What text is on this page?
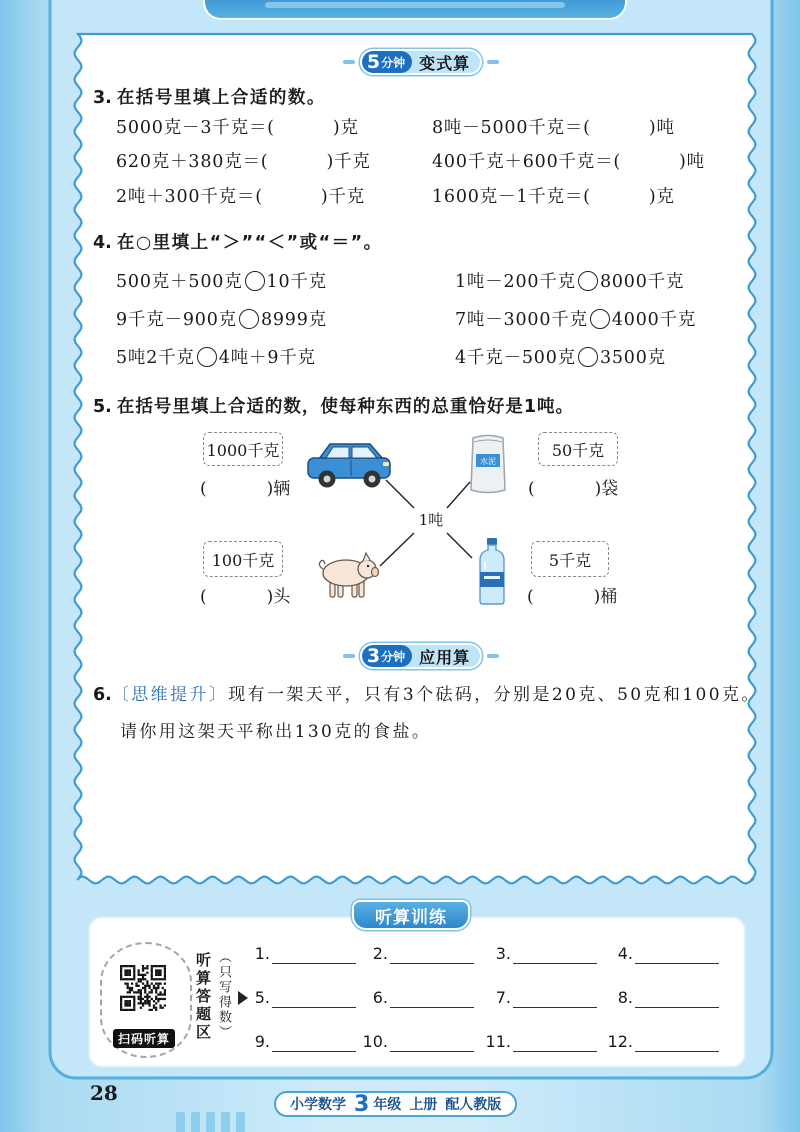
5 分钟 变式算
3. 在括号里填上合适的数。
5000克－3千克＝(	)克	8吨－5000千克＝(	)吨
620克＋380克＝(	)千克	400千克＋600千克＝(	)吨
2吨＋300千克＝(	)千克	1600克－1千克＝(	)克
4. 在○里填上“＞”“＜”或“＝”。
500克＋500克 10千克	1吨－200千克 8000千克
9千克－900克 8999克	7吨－3000千克 4000千克
5吨2千克 4吨＋9千克	4千克－500克 3500克
5. 在括号里填上合适的数，使每种东西的总重恰好是1吨。
1000千克
(	)辆
50千克
(	)袋
100千克
(	)头
5千克
(	)桶
1吨
水泥
3 分钟 应用算
6.〔思维提升〕现有一架天平，只有3个砝码，分别是20克、50克和100克。
请你用这架天平称出130克的食盐。
听算训练
扫码听算	听算答题区 （只写得数）	1.	2.	3.	4.
5.	6.	7.	8.
9.	10.	11.	12.
28	小学数学 3 年级 上册 配人教版
